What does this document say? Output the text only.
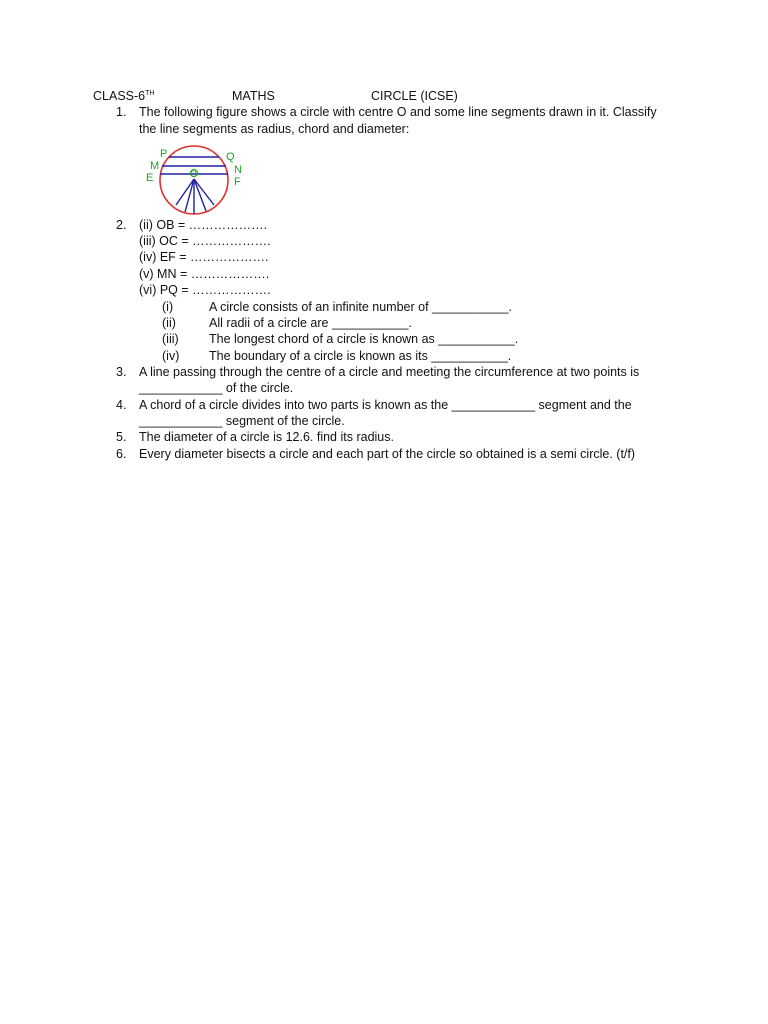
CLASS-6TH	MATHS	CIRCLE (ICSE)
1. The following figure shows a circle with centre O and some line segments drawn in it. Classify
the line segments as radius, chord and diameter:
P	Q
M	N
E	F
O
2. (ii) OB = ……………….
(iii) OC = ……………….
(iv) EF = ……………….
(v) MN = ……………….
(vi) PQ = ……………….
(i)	A circle consists of an infinite number of ___________.
(ii)	All radii of a circle are ___________.
(iii) The longest chord of a circle is known as ___________.
(iv) The boundary of a circle is known as its ___________.
3. A line passing through the centre of a circle and meeting the circumference at two points is
____________ of the circle.
4. A chord of a circle divides into two parts is known as the ____________ segment and the
____________ segment of the circle.
5. The diameter of a circle is 12.6. find its radius.
6. Every diameter bisects a circle and each part of the circle so obtained is a semi circle. (t/f)
